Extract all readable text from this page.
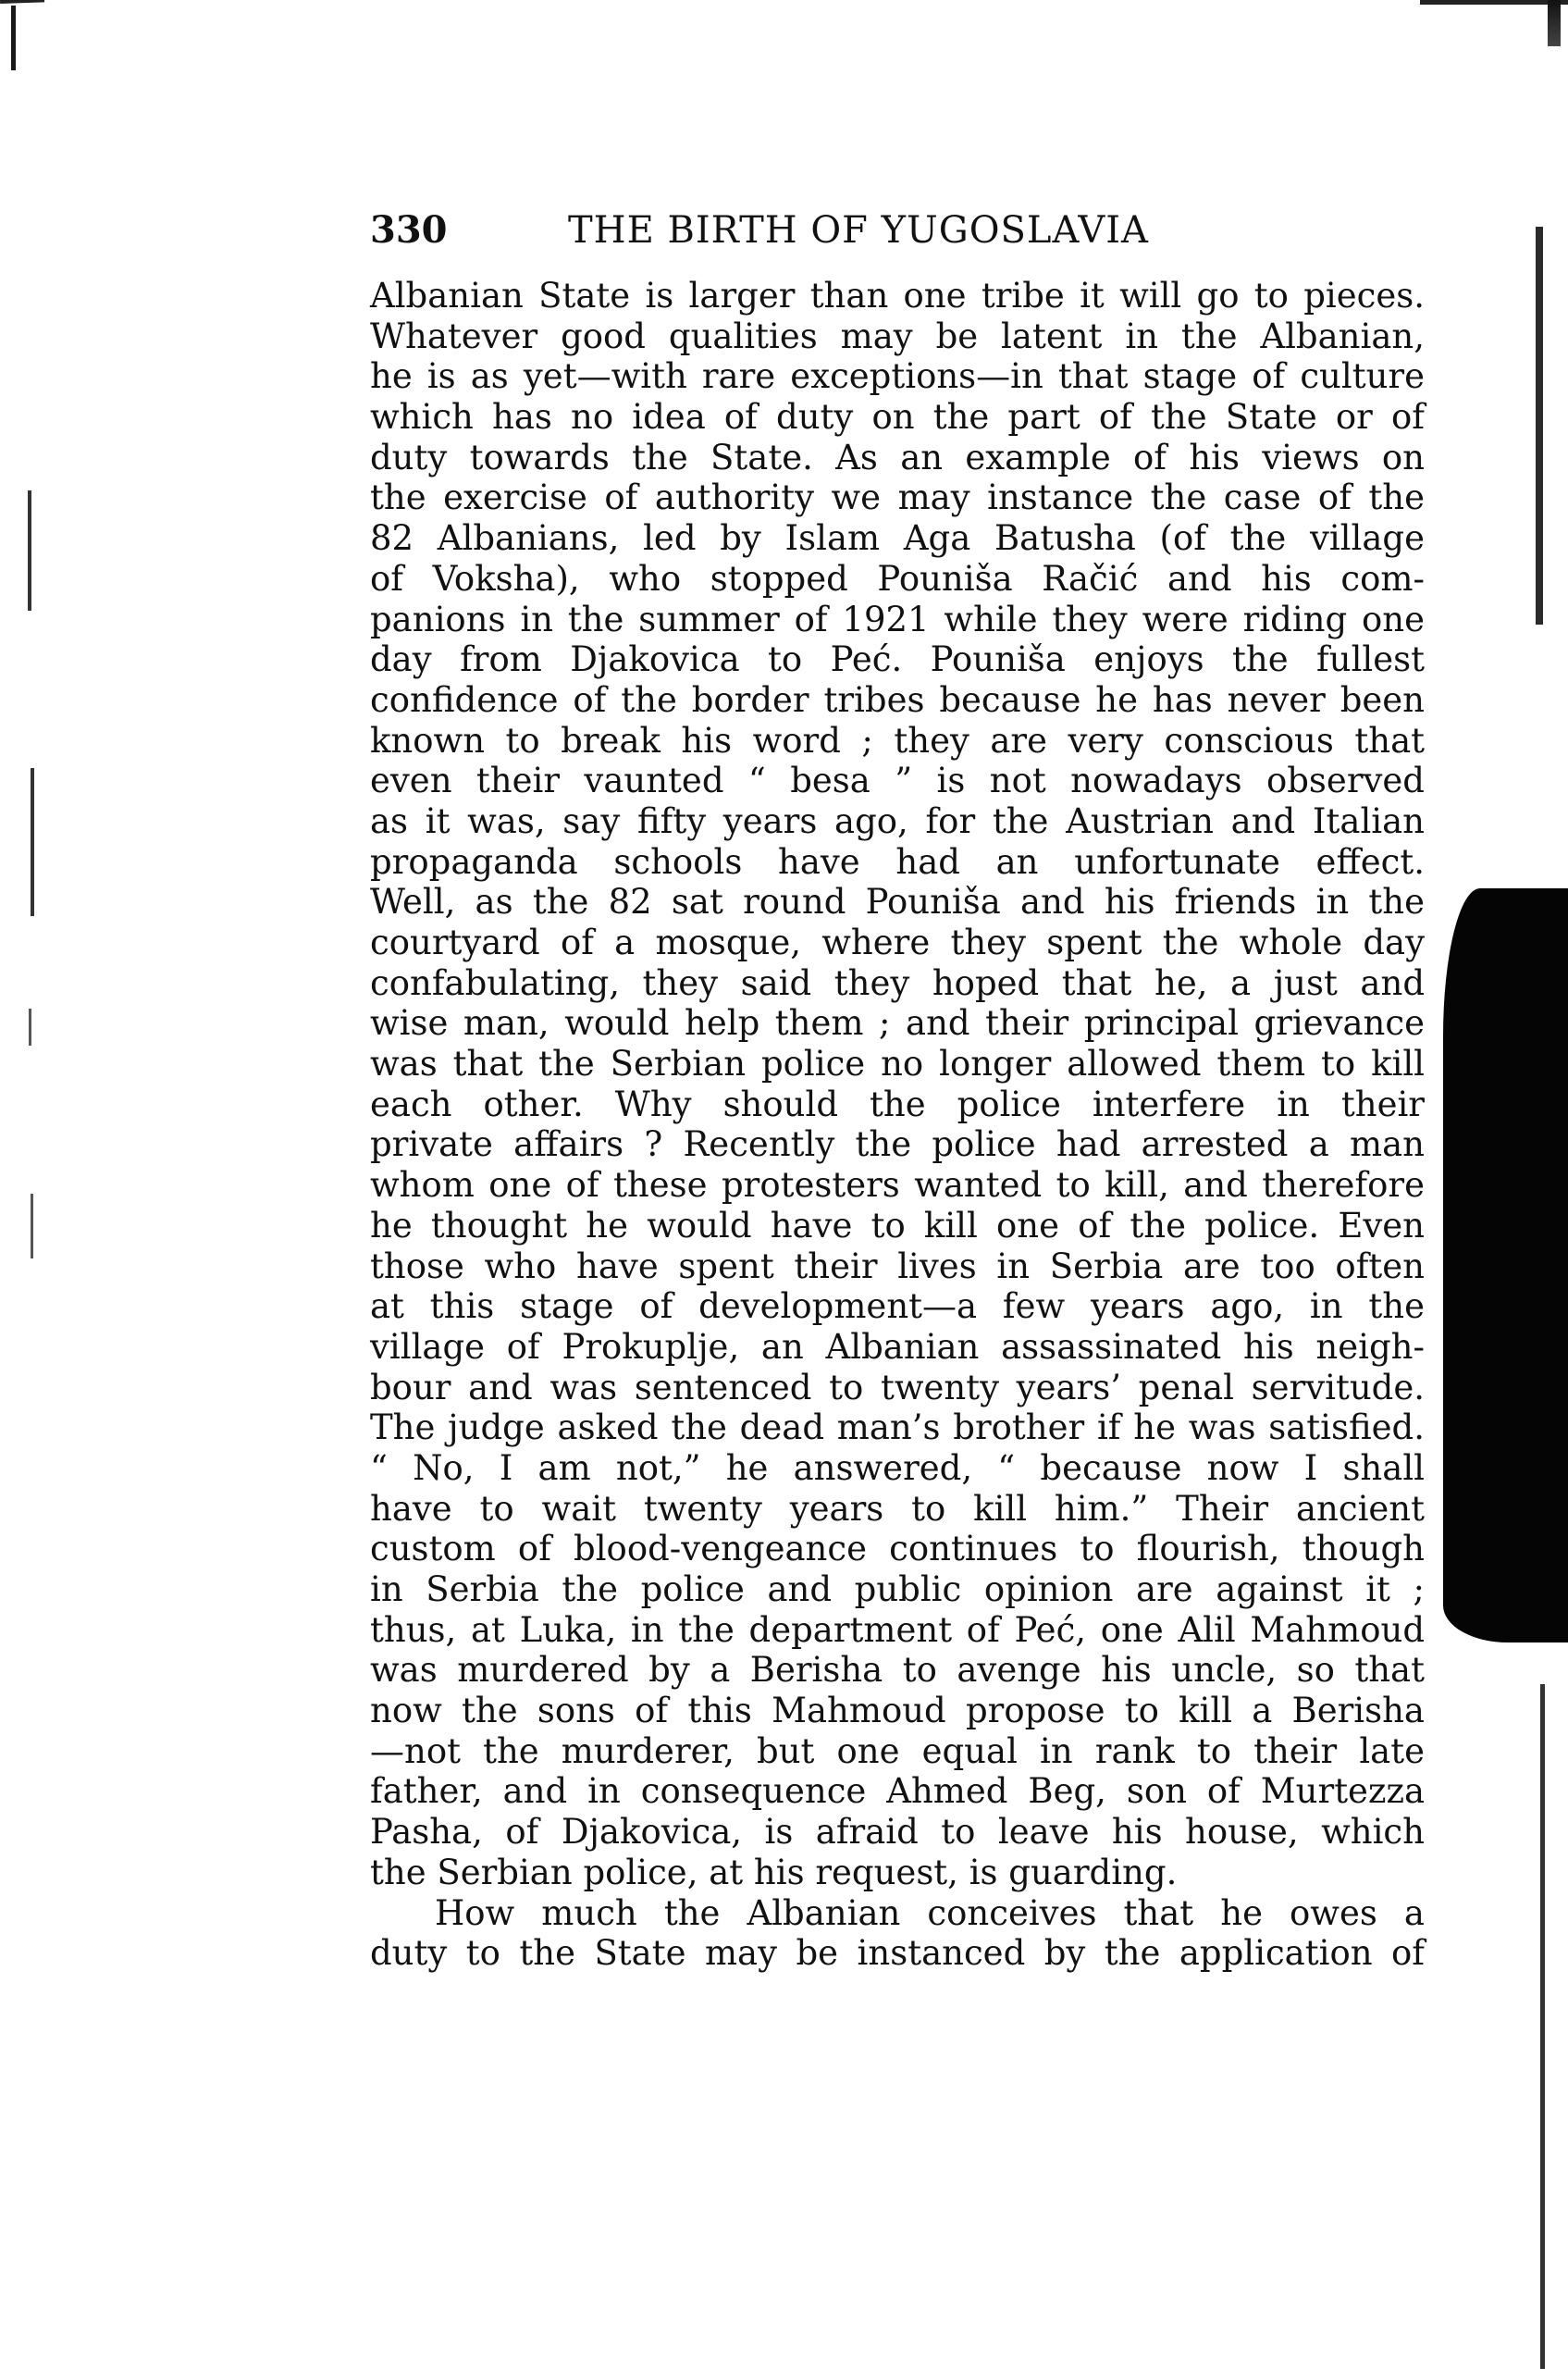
330	THE BIRTH OF YUGOSLAVIA
Albanian State is larger than one tribe it will go to pieces.
Whatever good qualities may be latent in the Albanian,
he is as yet—with rare exceptions—in that stage of culture
which has no idea of duty on the part of the State or of
duty towards the State. As an example of his views on
the exercise of authority we may instance the case of the
82 Albanians, led by Islam Aga Batusha (of the village
of Voksha), who stopped Pouniša Račić and his com-
panions in the summer of 1921 while they were riding one
day from Djakovica to Peć. Pouniša enjoys the fullest
confidence of the border tribes because he has never been
known to break his word ; they are very conscious that
even their vaunted “ besa ” is not nowadays observed
as it was, say fifty years ago, for the Austrian and Italian
propaganda schools have had an unfortunate effect.
Well, as the 82 sat round Pouniša and his friends in the
courtyard of a mosque, where they spent the whole day
confabulating, they said they hoped that he, a just and
wise man, would help them ; and their principal grievance
was that the Serbian police no longer allowed them to kill
each other. Why should the police interfere in their
private affairs ? Recently the police had arrested a man
whom one of these protesters wanted to kill, and therefore
he thought he would have to kill one of the police. Even
those who have spent their lives in Serbia are too often
at this stage of development—a few years ago, in the
village of Prokuplje, an Albanian assassinated his neigh-
bour and was sentenced to twenty years’ penal servitude.
The judge asked the dead man’s brother if he was satisfied.
“ No, I am not,” he answered, “ because now I shall
have to wait twenty years to kill him.” Their ancient
custom of blood-vengeance continues to flourish, though
in Serbia the police and public opinion are against it ;
thus, at Luka, in the department of Peć, one Alil Mahmoud
was murdered by a Berisha to avenge his uncle, so that
now the sons of this Mahmoud propose to kill a Berisha
—not the murderer, but one equal in rank to their late
father, and in consequence Ahmed Beg, son of Murtezza
Pasha, of Djakovica, is afraid to leave his house, which
the Serbian police, at his request, is guarding.
How much the Albanian conceives that he owes a
duty to the State may be instanced by the application of
